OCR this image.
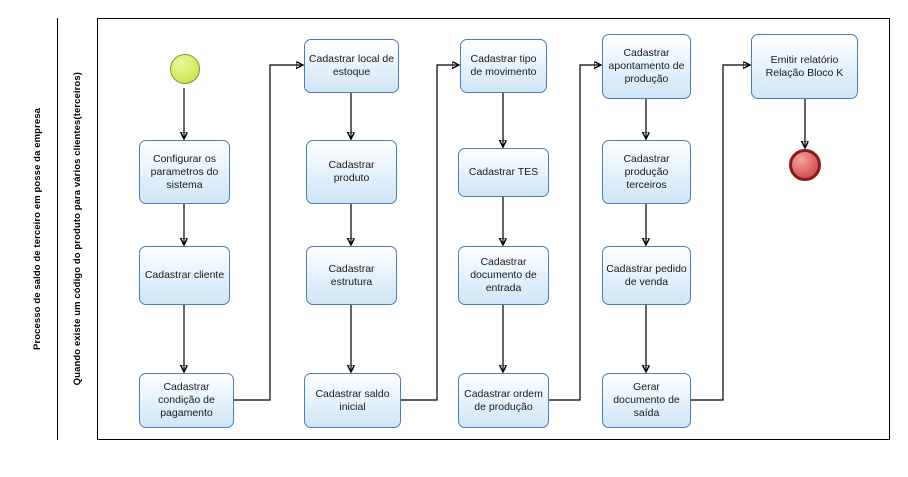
Processo de saldo de terceiro em posse da empresa	Quando existe um código do produto para vários clientes(terceiros)	Configurar os parametros do sistema
Cadastrar cliente
Cadastrar condição de pagamento
Cadastrar local de estoque
Cadastrar produto
Cadastrar estrutura
Cadastrar saldo inicial
Cadastrar tipo de movimento
Cadastrar TES
Cadastrar documento de entrada
Cadastrar ordem de produção
Cadastrar apontamento de produção
Cadastrar produção terceiros
Cadastrar pedido de venda
Gerar documento de saída
Emitir relatório Relação Bloco K
